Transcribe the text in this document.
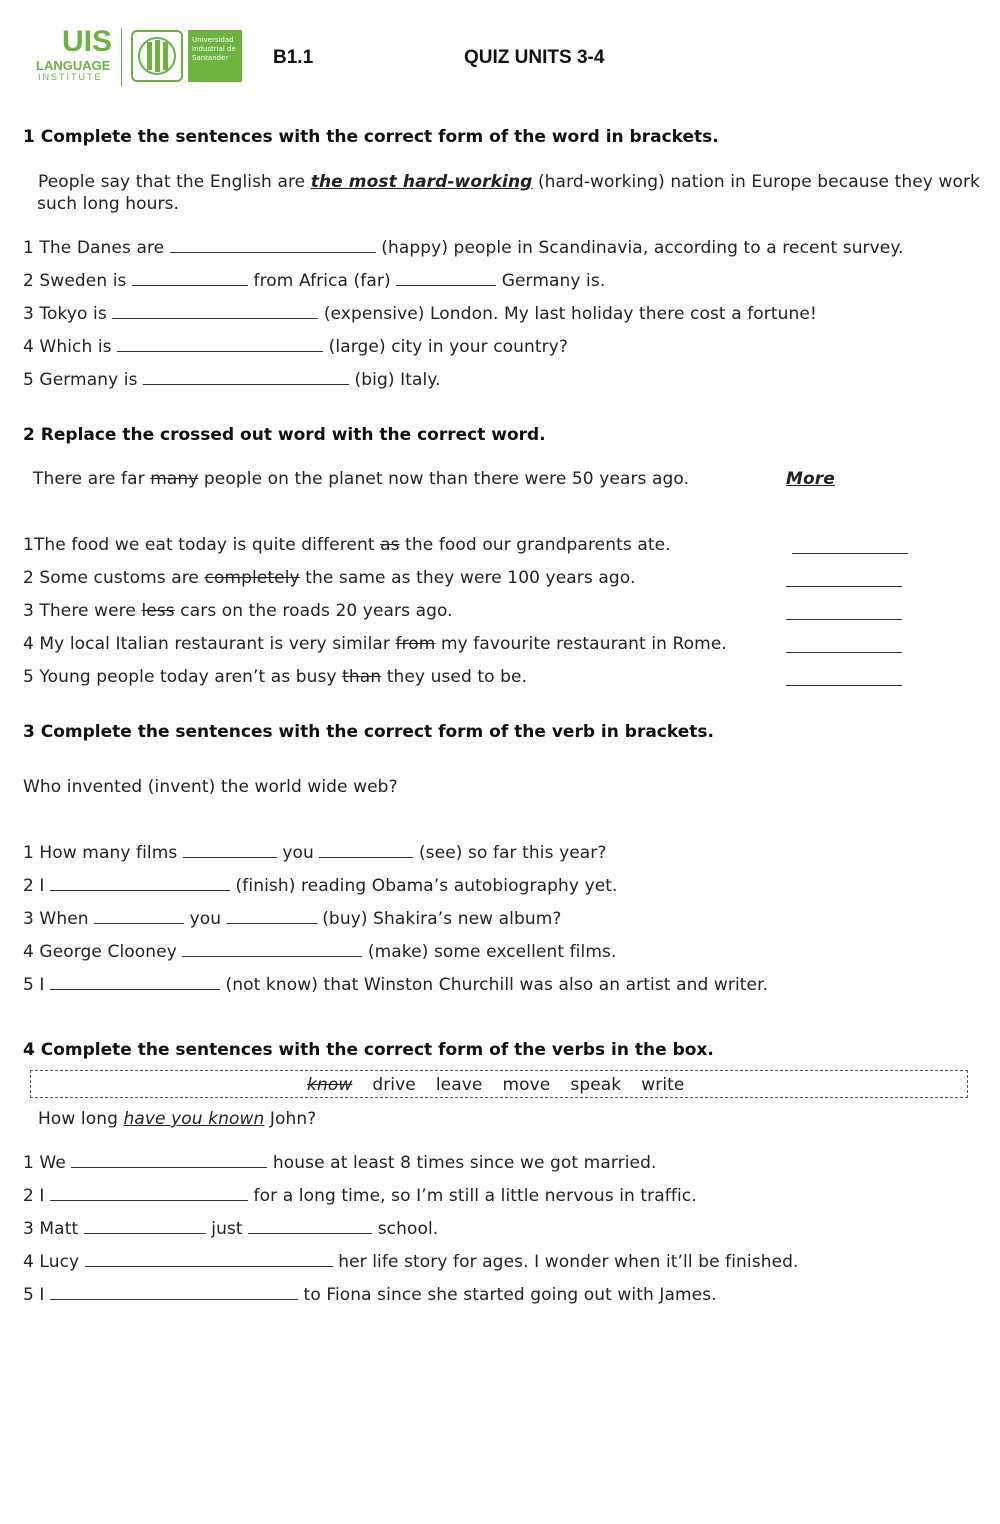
UIS
LANGUAGE
INSTITUTE
Universidad
Industrial de
Santander	B1.1	QUIZ UNITS 3-4
1 Complete the sentences with the correct form of the word in brackets.
People say that the English are the most hard-working (hard-working) nation in Europe because they work
such long hours.
1 The Danes are	(happy) people in Scandinavia, according to a recent survey.
2 Sweden is	from Africa (far)	Germany is.
3 Tokyo is	(expensive) London. My last holiday there cost a fortune!
4 Which is	(large) city in your country?
5 Germany is	(big) Italy.
2 Replace the crossed out word with the correct word.
There are far many people on the planet now than there were 50 years ago.	More
1The food we eat today is quite different as the food our grandparents ate.
2 Some customs are completely the same as they were 100 years ago.
3 There were less cars on the roads 20 years ago.
4 My local Italian restaurant is very similar from my favourite restaurant in Rome.
5 Young people today aren’t as busy than they used to be.
3 Complete the sentences with the correct form of the verb in brackets.
Who invented (invent) the world wide web?
1 How many films	you	(see) so far this year?
2 I	(finish) reading Obama’s autobiography yet.
3 When	you	(buy) Shakira’s new album?
4 George Clooney	(make) some excellent films.
5 I	(not know) that Winston Churchill was also an artist and writer.
4 Complete the sentences with the correct form of the verbs in the box.
know drive leave move speak write
How long have you known John?
1 We	house at least 8 times since we got married.
2 I	for a long time, so I’m still a little nervous in traffic.
3 Matt	just	school.
4 Lucy	her life story for ages. I wonder when it’ll be finished.
5 I	to Fiona since she started going out with James.
